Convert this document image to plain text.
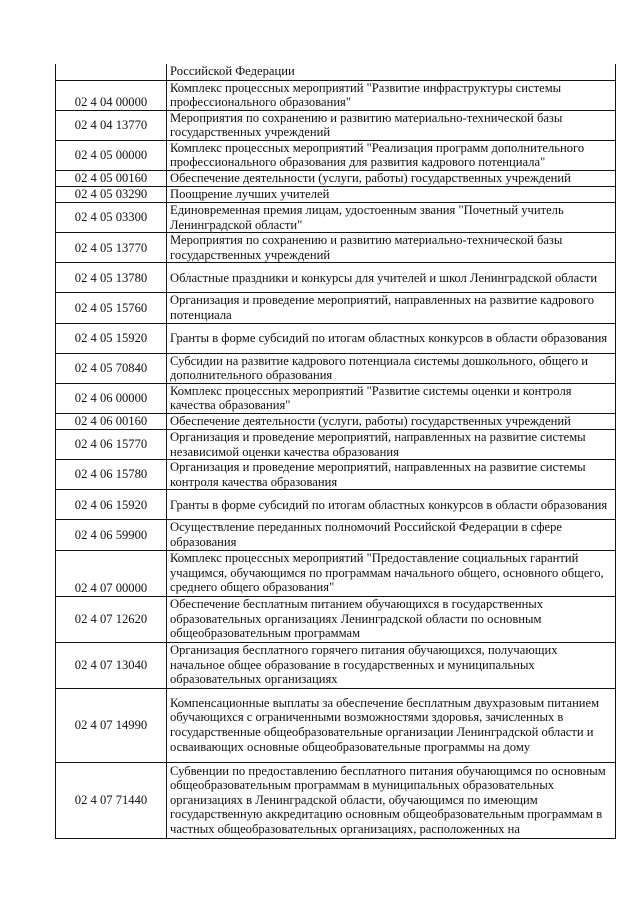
	Российской Федерации
02 4 04 00000	Комплекс процессных мероприятий "Развитие инфраструктуры системы профессионального образования"
02 4 04 13770	Мероприятия по сохранению и развитию материально-технической базы государственных учреждений
02 4 05 00000	Комплекс процессных мероприятий "Реализация программ дополнительного профессионального образования для развития кадрового потенциала"
02 4 05 00160	Обеспечение деятельности (услуги, работы) государственных учреждений
02 4 05 03290	Поощрение лучших учителей
02 4 05 03300	Единовременная премия лицам, удостоенным звания "Почетный учитель Ленинградской области"
02 4 05 13770	Мероприятия по сохранению и развитию материально-технической базы государственных учреждений
02 4 05 13780	Областные праздники и конкурсы для учителей и школ Ленинградской области
02 4 05 15760	Организация и проведение мероприятий, направленных на развитие кадрового потенциала
02 4 05 15920	Гранты в форме субсидий по итогам областных конкурсов в области образования
02 4 05 70840	Субсидии на развитие кадрового потенциала системы дошкольного, общего и дополнительного образования
02 4 06 00000	Комплекс процессных мероприятий "Развитие системы оценки и контроля качества образования"
02 4 06 00160	Обеспечение деятельности (услуги, работы) государственных учреждений
02 4 06 15770	Организация и проведение мероприятий, направленных на развитие системы независимой оценки качества образования
02 4 06 15780	Организация и проведение мероприятий, направленных на развитие системы контроля качества образования
02 4 06 15920	Гранты в форме субсидий по итогам областных конкурсов в области образования
02 4 06 59900	Осуществление переданных полномочий Российской Федерации в сфере образования
02 4 07 00000	Комплекс процессных мероприятий "Предоставление социальных гарантий учащимся, обучающимся по программам начального общего, основного общего, среднего общего образования"
02 4 07 12620	Обеспечение бесплатным питанием обучающихся в государственных образовательных организациях Ленинградской области по основным общеобразовательным программам
02 4 07 13040	Организация бесплатного горячего питания обучающихся, получающих начальное общее образование в государственных и муниципальных образовательных организациях
02 4 07 14990	Компенсационные выплаты за обеспечение бесплатным двухразовым питанием обучающихся с ограниченными возможностями здоровья, зачисленных в государственные общеобразовательные организации Ленинградской области и осваивающих основные общеобразовательные программы на дому
02 4 07 71440	Субвенции по предоставлению бесплатного питания обучающимся по основным общеобразовательным программам в муниципальных образовательных организациях в Ленинградской области, обучающимся по имеющим государственную аккредитацию основным общеобразовательным программам в частных общеобразовательных организациях, расположенных на
